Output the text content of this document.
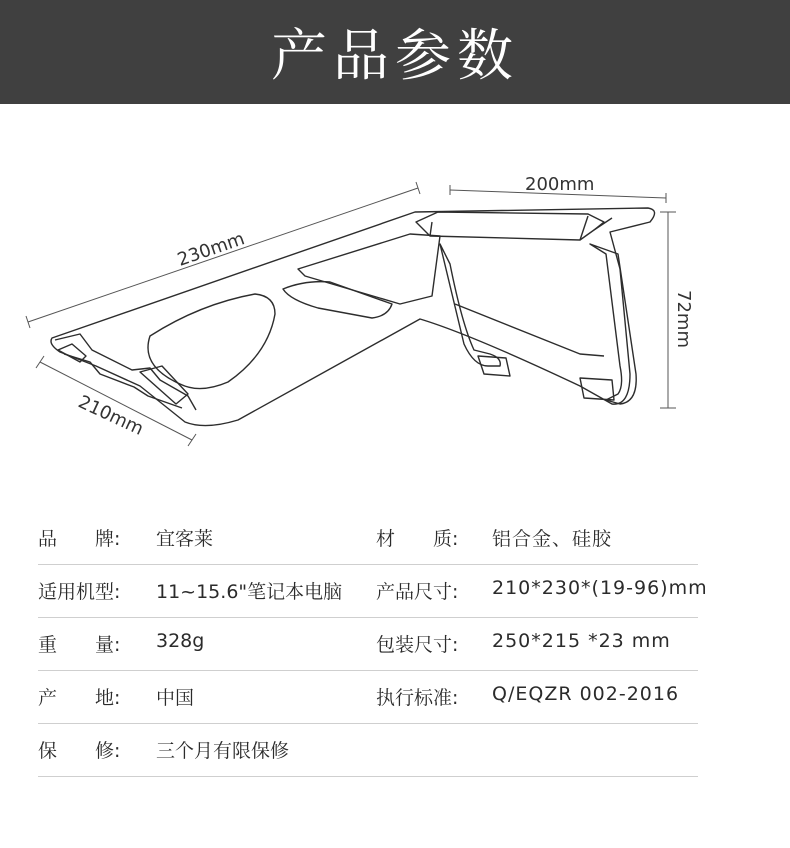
产品参数
230mm
200mm
72mm
210mm
品　　牌: 宜客莱	材　　质: 铝合金、硅胶
适用机型: 11~15.6"笔记本电脑 产品尺寸: 210*230*(19-96)mm
重　　量: 328g	包装尺寸: 250*215 *23 mm
产　　地: 中国	执行标准: Q/EQZR 002-2016
保　　修: 三个月有限保修
